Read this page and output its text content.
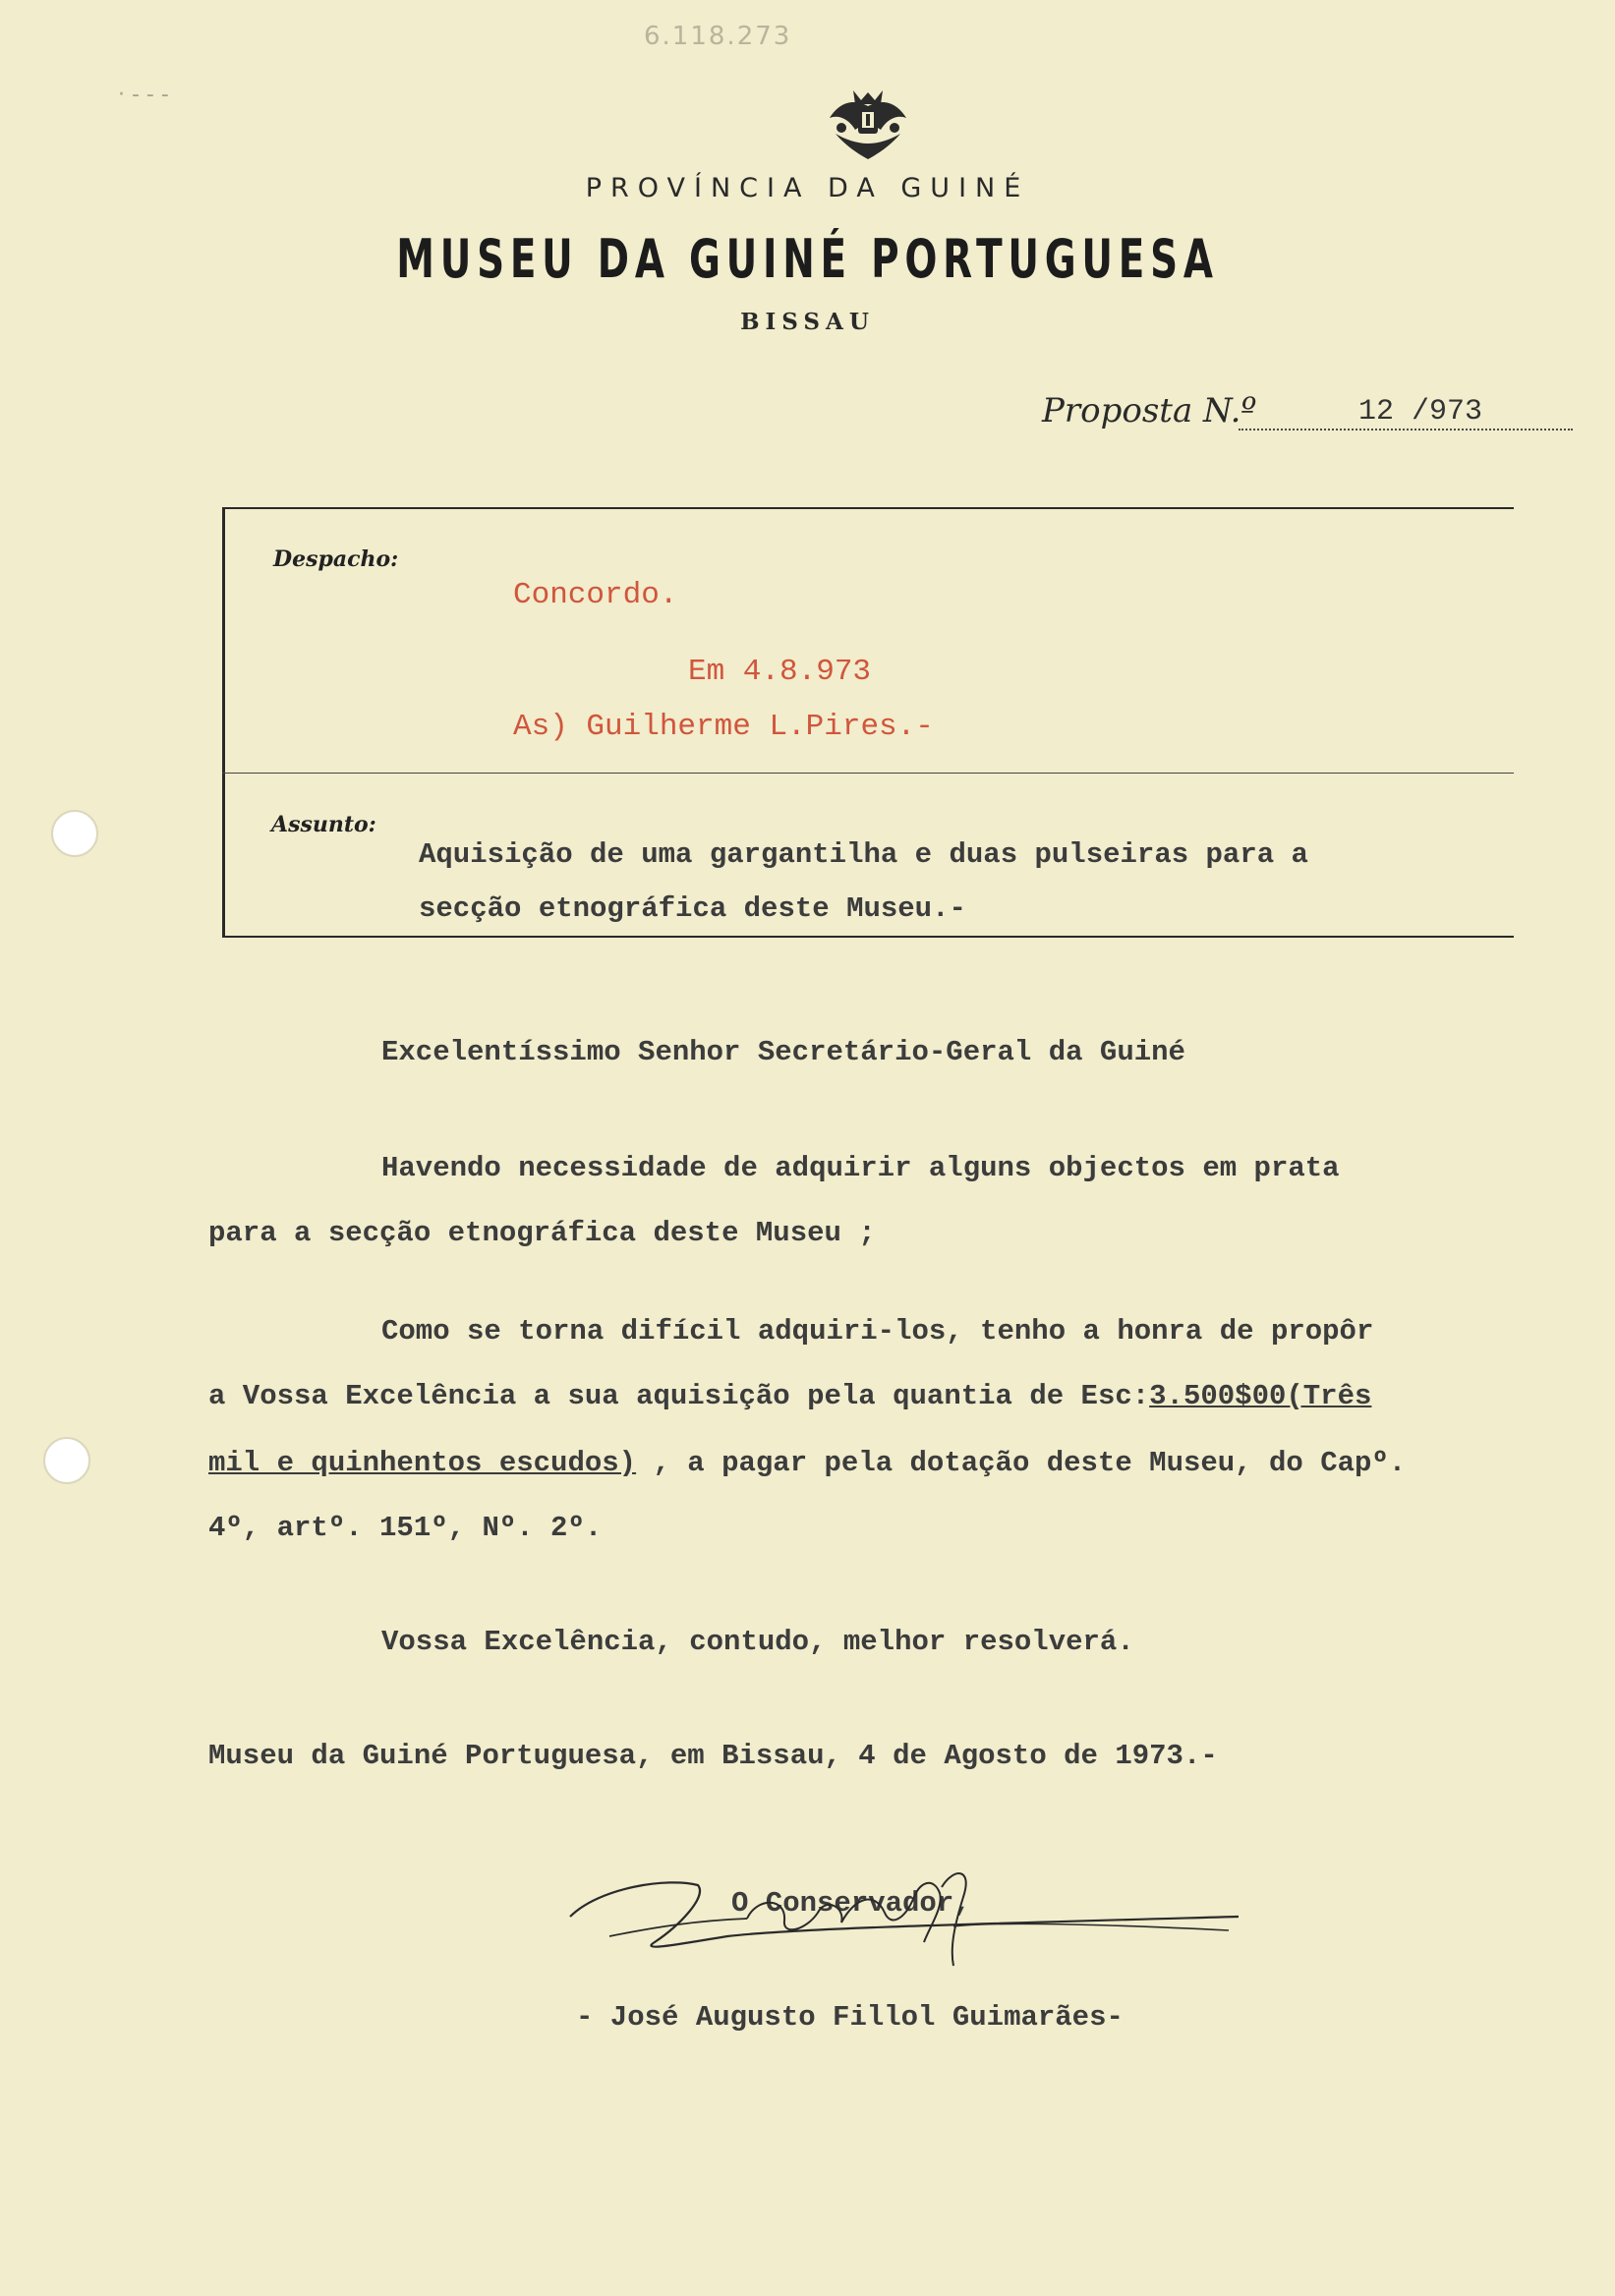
6.118.273
· ‑ ‑ ‑
PROVÍNCIA DA GUINÉ
MUSEU DA GUINÉ PORTUGUESA
BISSAU
Proposta N.º	12 /973
Despacho:
Concordo.
Em 4.8.973
As) Guilherme L.Pires.-
Assunto:
Aquisição de uma gargantilha e duas pulseiras para a
secção etnográfica deste Museu.-
Excelentíssimo Senhor Secretário-Geral da Guiné
Havendo necessidade de adquirir alguns objectos em prata
para a secção etnográfica deste Museu ;
Como se torna difícil adquiri-los, tenho a honra de propôr
a Vossa Excelência a sua aquisição pela quantia de Esc:3.500$00(Três
mil e quinhentos escudos) , a pagar pela dotação deste Museu, do Capº.
4º, artº. 151º, Nº. 2º.
Vossa Excelência, contudo, melhor resolverá.
Museu da Guiné Portuguesa, em Bissau, 4 de Agosto de 1973.-
O Conservador,
- José Augusto Fillol Guimarães-
